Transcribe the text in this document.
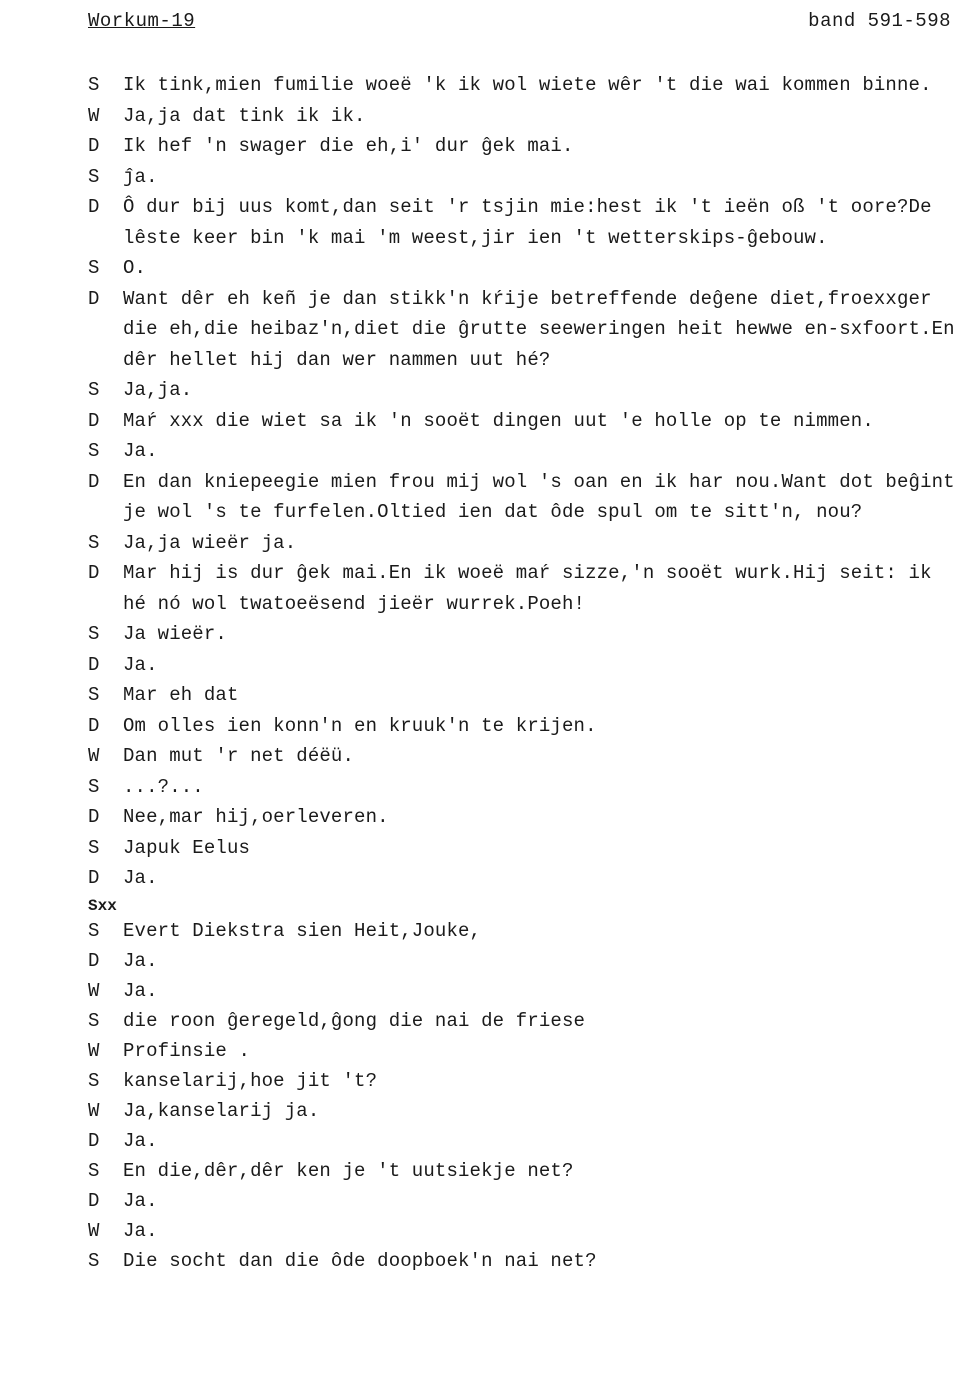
Workum-19	band 591-598
S	Ik tink,mien fumilie woeë ′k ik wol wiete wêr ′t die wai kommen binne.
W	Ja,ja dat tink ik ik.
D	Ik hef ′n swager die eh,i′ dur ĝek mai.
S	ĵa.
D	Ô dur bij uus komt,dan seit ′r tsjin mie:hest ik ′t ieën oß ′t oore?De lêste keer bin ′k mai ′m weest,jir ien ′t wetterskips-ĝebouw.
S	O.
D	Want dêr eh keñ je dan stikk′n kŕije betreffende deĝene diet,froexxger die eh,die heibaz′n,diet die ĝrutte seeweringen heit hewwe en-sxfoort.En dêr hellet hij dan wer nammen uut hé?
S	Ja,ja.
D	Maŕ xxx die wiet sa ik ′n sooët dingen uut ′e holle op te nimmen.
S	Ja.
D	En dan kniepeegie mien frou mij wol ′s oan en ik har nou.Want dot beĝint je wol ′s te furfelen.Oltied ien dat ôde spul om te sitt′n, nou?
S	Ja,ja wieër ja.
D	Mar hij is dur ĝek mai.En ik woeë maŕ sizze,′n sooët wurk.Hij seit: ik hé nó wol twatoeësend jieër wurrek.Poeh!
S	Ja wieër.
D	Ja.
S	Mar eh dat
D	Om olles ien konn′n en kruuk′n te krijen.
W	Dan mut ′r net déëü.
S	...?...
D	Nee,mar hij,oerleveren.
S	Japuk Eelus
D	Ja.
Sxx
S	Evert Diekstra sien Heit,Jouke,
D	Ja.
W	Ja.
S	die roon ĝeregeld,ĝong die nai de friese
W	Profinsie .
S	kanselarij,hoe jit ′t?
W	Ja,kanselarij ja.
D	Ja.
S	En die,dêr,dêr ken je ′t uutsiekje net?
D	Ja.
W	Ja.
S	Die socht dan die ôde doopboek′n nai net?
